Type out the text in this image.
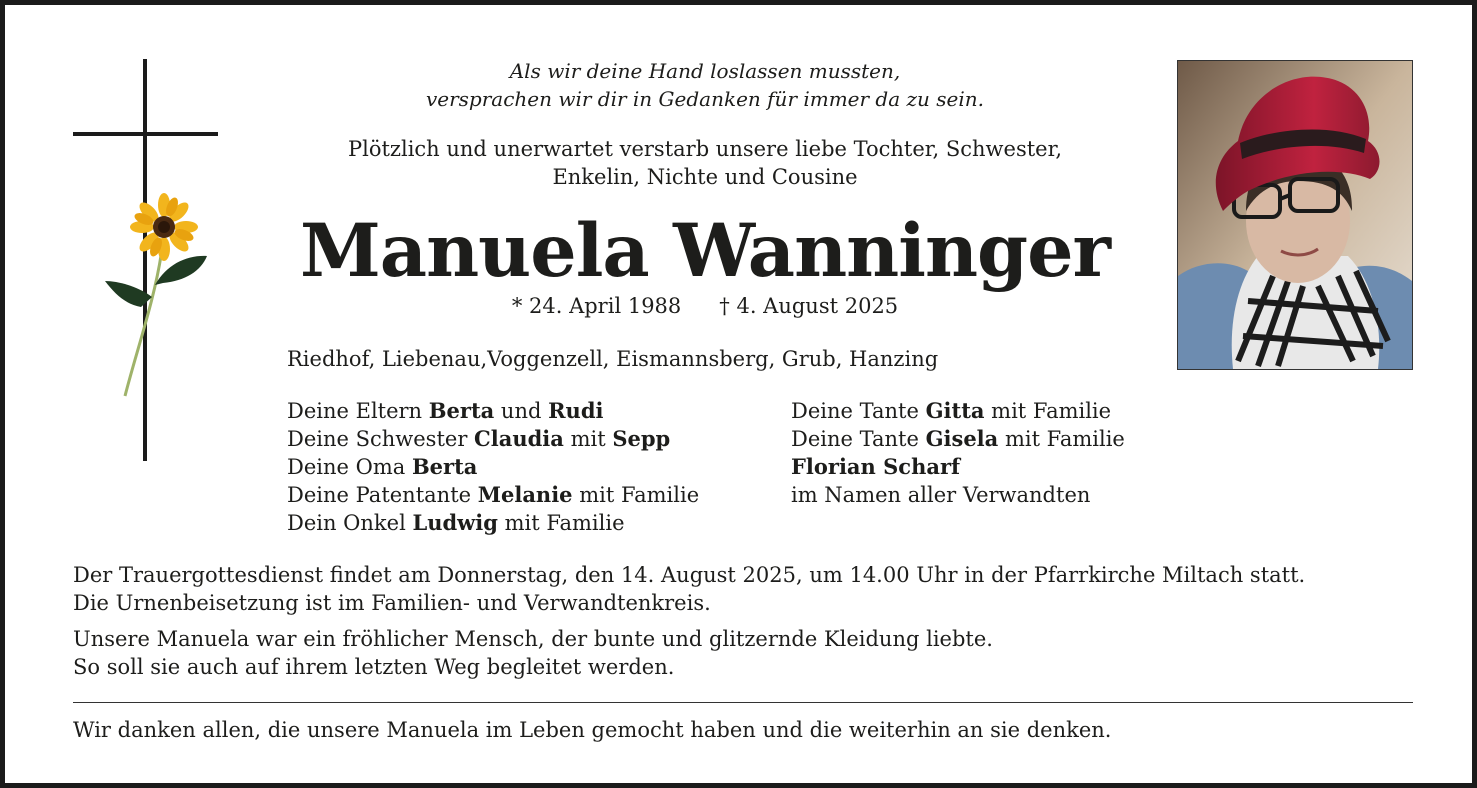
Als wir deine Hand loslassen mussten,
versprachen wir dir in Gedanken für immer da zu sein.
Plötzlich und unerwartet verstarb unsere liebe Tochter, Schwester,
Enkelin, Nichte und Cousine
Manuela Wanninger
* 24. April 1988 † 4. August 2025
Riedhof, Liebenau,Voggenzell, Eismannsberg, Grub, Hanzing
Deine Eltern Berta und Rudi
Deine Schwester Claudia mit Sepp
Deine Oma Berta
Deine Patentante Melanie mit Familie
Dein Onkel Ludwig mit Familie
Deine Tante Gitta mit Familie
Deine Tante Gisela mit Familie
Florian Scharf
im Namen aller Verwandten
Der Trauergottesdienst findet am Donnerstag, den 14. August 2025, um 14.00 Uhr in der Pfarrkirche Miltach statt.
Die Urnenbeisetzung ist im Familien- und Verwandtenkreis.
Unsere Manuela war ein fröhlicher Mensch, der bunte und glitzernde Kleidung liebte.
So soll sie auch auf ihrem letzten Weg begleitet werden.
Wir danken allen, die unsere Manuela im Leben gemocht haben und die weiterhin an sie denken.
